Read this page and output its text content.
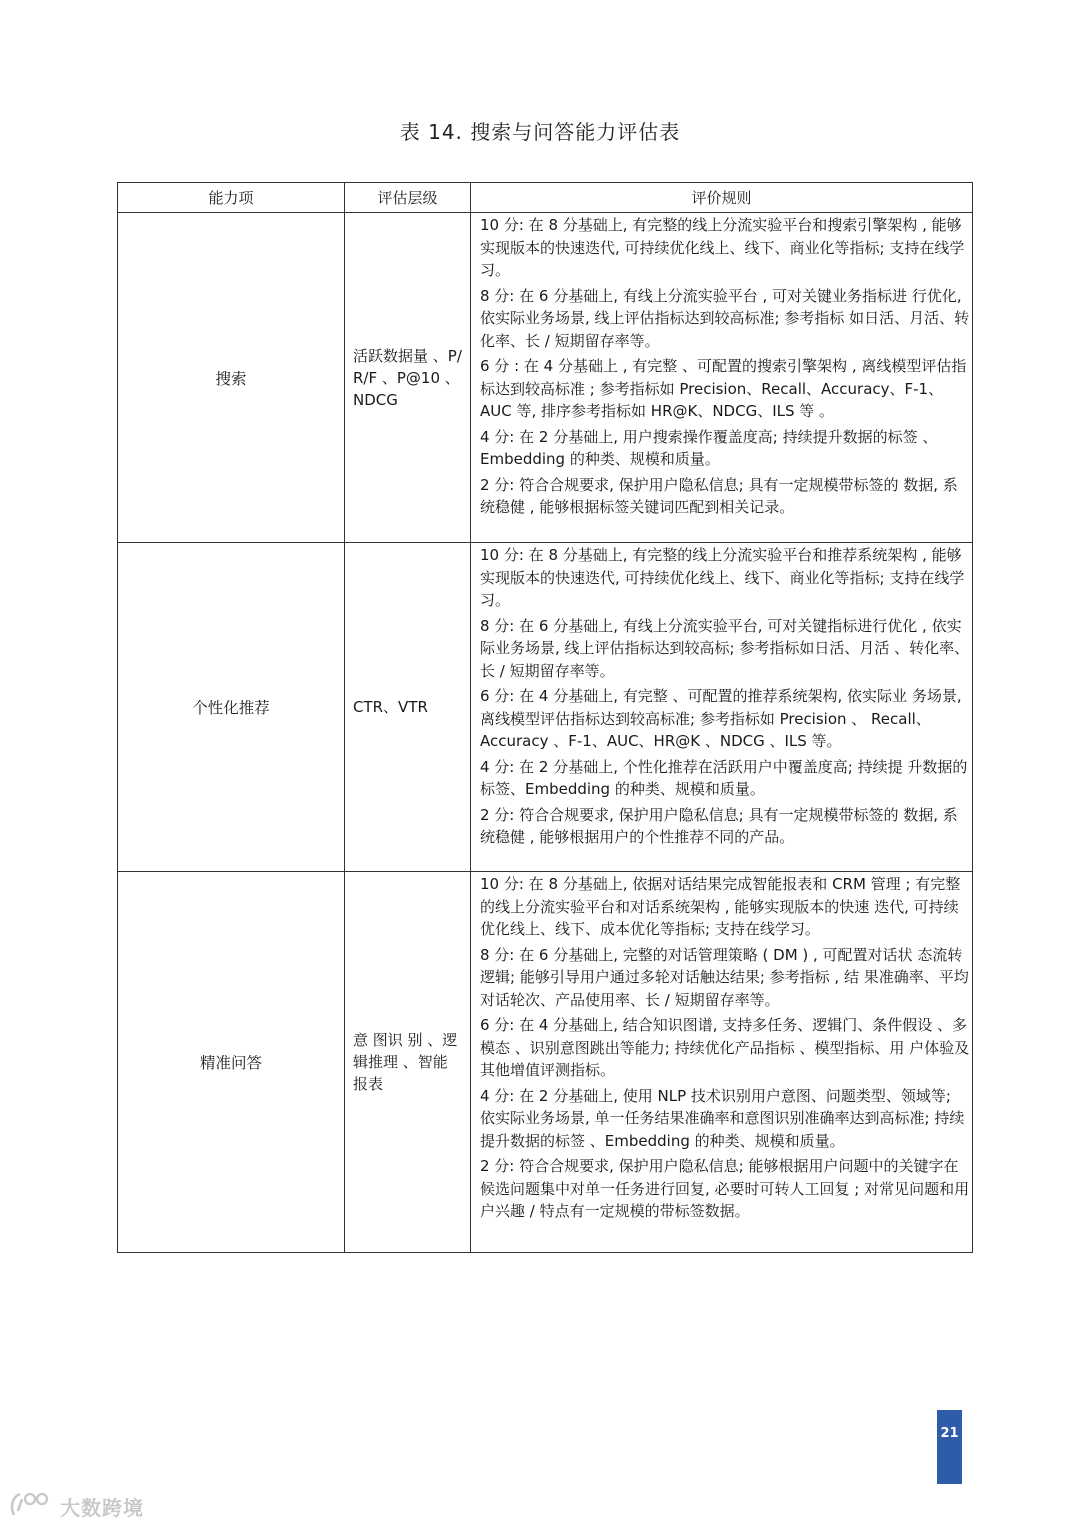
表 14. 搜索与问答能力评估表
能力项	评估层级	评价规则
搜索	活跃数据量 、P/ R/F 、P@10 、NDCG	10 分: 在 8 分基础上, 有完整的线上分流实验平台和搜索引擎架构 , 能够实现版本的快速迭代, 可持续优化线上、线下、商业化等指标; 支持在线学习。

8 分: 在 6 分基础上, 有线上分流实验平台 , 可对关键业务指标进 行优化, 依实际业务场景, 线上评估指标达到较高标准; 参考指标 如日活、月活、转化率、长 / 短期留存率等。

6 分 : 在 4 分基础上 , 有完整 、可配置的搜索引擎架构 , 离线模型评估指标达到较高标准 ; 参考指标如 Precision、Recall、Accuracy、F-1、AUC 等, 排序参考指标如 HR@K、NDCG、ILS 等 。

4 分: 在 2 分基础上, 用户搜索操作覆盖度高; 持续提升数据的标签 、 Embedding 的种类、规模和质量。

2 分: 符合合规要求, 保护用户隐私信息; 具有一定规模带标签的 数据, 系统稳健 , 能够根据标签关键词匹配到相关记录。

个性化推荐	CTR、VTR	10 分: 在 8 分基础上, 有完整的线上分流实验平台和推荐系统架构 , 能够实现版本的快速迭代, 可持续优化线上、线下、商业化等指标; 支持在线学习。

8 分: 在 6 分基础上, 有线上分流实验平台, 可对关键指标进行优化 , 依实际业务场景, 线上评估指标达到较高标; 参考指标如日活、月活 、转化率、长 / 短期留存率等。

6 分: 在 4 分基础上, 有完整 、可配置的推荐系统架构, 依实际业 务场景, 离线模型评估指标达到较高标准; 参考指标如 Precision 、 Recall、Accuracy 、F-1、AUC、HR@K 、NDCG 、ILS 等。

4 分: 在 2 分基础上, 个性化推荐在活跃用户中覆盖度高; 持续提 升数据的标签、Embedding 的种类、规模和质量。

2 分: 符合合规要求, 保护用户隐私信息; 具有一定规模带标签的 数据, 系统稳健 , 能够根据用户的个性推荐不同的产品。

精准问答	意 图识 别 、逻 辑推理 、智能 报表	10 分: 在 8 分基础上, 依据对话结果完成智能报表和 CRM 管理 ; 有完整的线上分流实验平台和对话系统架构 , 能够实现版本的快速 迭代, 可持续优化线上、线下、成本优化等指标; 支持在线学习。

8 分: 在 6 分基础上, 完整的对话管理策略 ( DM ) , 可配置对话状 态流转逻辑; 能够引导用户通过多轮对话触达结果; 参考指标 , 结 果准确率、平均对话轮次、产品使用率、长 / 短期留存率等。

6 分: 在 4 分基础上, 结合知识图谱, 支持多任务、逻辑门、条件假设 、多模态 、识别意图跳出等能力; 持续优化产品指标 、模型指标、用 户体验及其他增值评测指标。

4 分: 在 2 分基础上, 使用 NLP 技术识别用户意图、问题类型、领域等; 依实际业务场景, 单一任务结果准确率和意图识别准确率达到高标准; 持续提升数据的标签 、Embedding 的种类、规模和质量。

2 分: 符合合规要求, 保护用户隐私信息; 能够根据用户问题中的关键字在候选问题集中对单一任务进行回复, 必要时可转人工回复 ; 对常见问题和用户兴趣 / 特点有一定规模的带标签数据。

21
大数跨境
